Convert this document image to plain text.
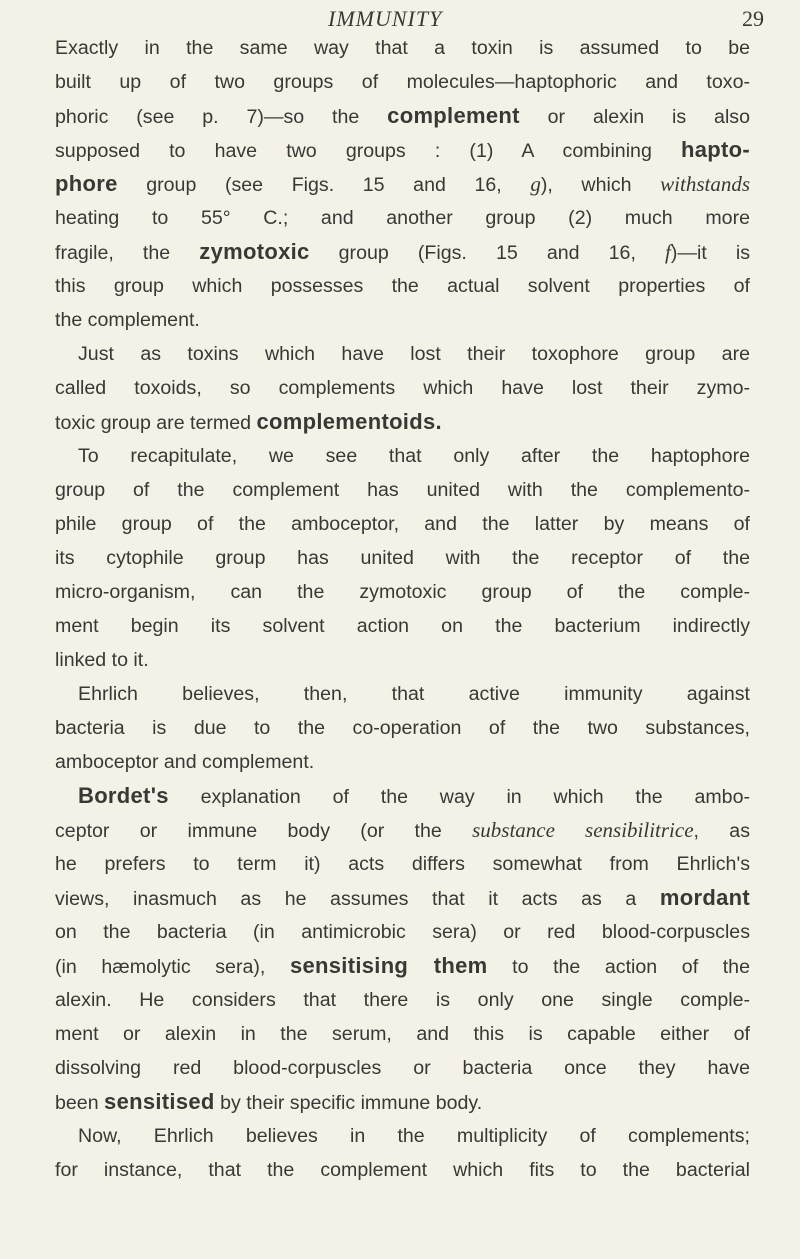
IMMUNITY	29
Exactly in the same way that a toxin is assumed to be
built up of two groups of molecules—haptophoric and toxo-
phoric (see p. 7)—so the complement or alexin is also
supposed to have two groups : (1) A combining hapto-
phore group (see Figs. 15 and 16, g), which withstands
heating to 55° C.; and another group (2) much more
fragile, the zymotoxic group (Figs. 15 and 16, f)—it is
this group which possesses the actual solvent properties of
the complement.
Just as toxins which have lost their toxophore group are
called toxoids, so complements which have lost their zymo-
toxic group are termed complementoids.
To recapitulate, we see that only after the haptophore
group of the complement has united with the complemento-
phile group of the amboceptor, and the latter by means of
its cytophile group has united with the receptor of the
micro-organism, can the zymotoxic group of the comple-
ment begin its solvent action on the bacterium indirectly
linked to it.
Ehrlich believes, then, that active immunity against
bacteria is due to the co-operation of the two substances,
amboceptor and complement.
Bordet's explanation of the way in which the ambo-
ceptor or immune body (or the substance sensibilitrice, as
he prefers to term it) acts differs somewhat from Ehrlich's
views, inasmuch as he assumes that it acts as a mordant
on the bacteria (in antimicrobic sera) or red blood-corpuscles
(in hæmolytic sera), sensitising them to the action of the
alexin. He considers that there is only one single comple-
ment or alexin in the serum, and this is capable either of
dissolving red blood-corpuscles or bacteria once they have
been sensitised by their specific immune body.
Now, Ehrlich believes in the multiplicity of complements;
for instance, that the complement which fits to the bacterial
